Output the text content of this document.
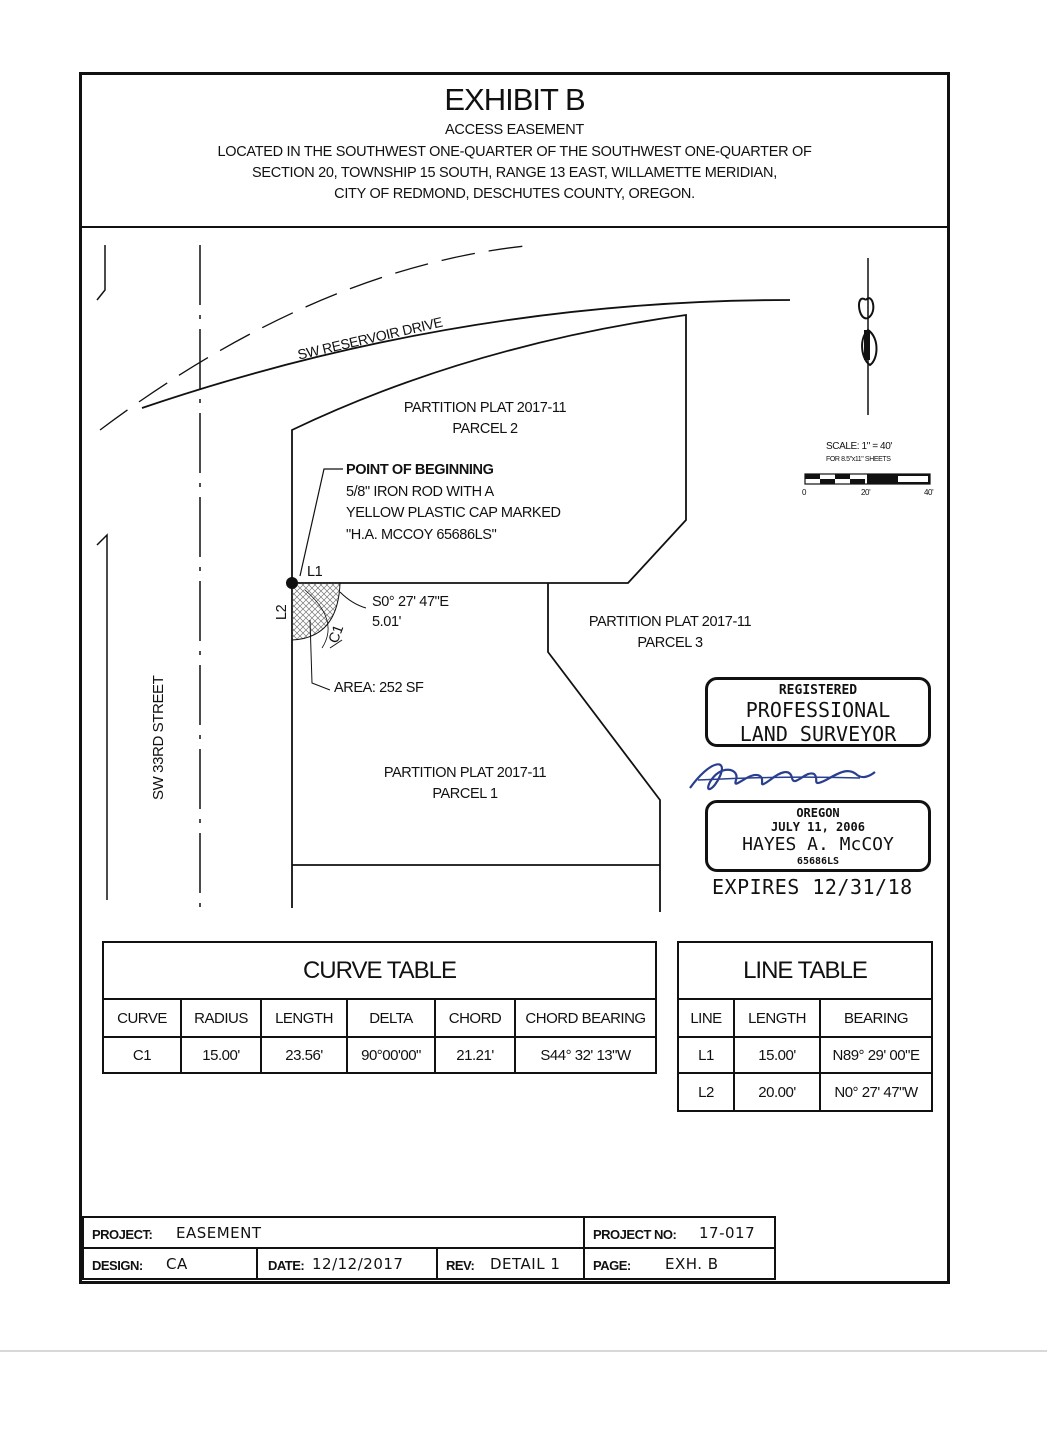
EXHIBIT B
ACCESS EASEMENT
LOCATED IN THE SOUTHWEST ONE-QUARTER OF THE SOUTHWEST ONE-QUARTER OF
SECTION 20, TOWNSHIP 15 SOUTH, RANGE 13 EAST, WILLAMETTE MERIDIAN,
CITY OF REDMOND, DESCHUTES COUNTY, OREGON.
SW RESERVOIR DRIVE
SW 33RD STREET
PARTITION PLAT 2017-11
PARCEL 2
POINT OF BEGINNING
5/8" IRON ROD WITH A
YELLOW PLASTIC CAP MARKED
"H.A. MCCOY 65686LS"
L1
L2
C1
S0° 27' 47"E
5.01'	PARTITION PLAT 2017-11
PARCEL 3
AREA: 252 SF
PARTITION PLAT 2017-11
PARCEL 1
SCALE: 1" = 40'
FOR 8.5"x11" SHEETS
0	20'	40'
REGISTERED
PROFESSIONAL
LAND SURVEYOR
OREGON
JULY 11, 2006
HAYES A. McCOY
65686LS
EXPIRES 12/31/18
CURVE TABLE					
CURVE	RADIUS	LENGTH	DELTA	CHORD	CHORD BEARING
C1	15.00'	23.56'	90°00'00"	21.21'	S44° 32' 13"W
LINE TABLE		
LINE	LENGTH	BEARING
L1	15.00'	N89° 29' 00"E
L2	20.00'	N0° 27' 47"W
PROJECT: EASEMENT	PROJECT NO: 17-017
DESIGN: CA	DATE: 12/12/2017	REV: DETAIL 1	PAGE: EXH. B
